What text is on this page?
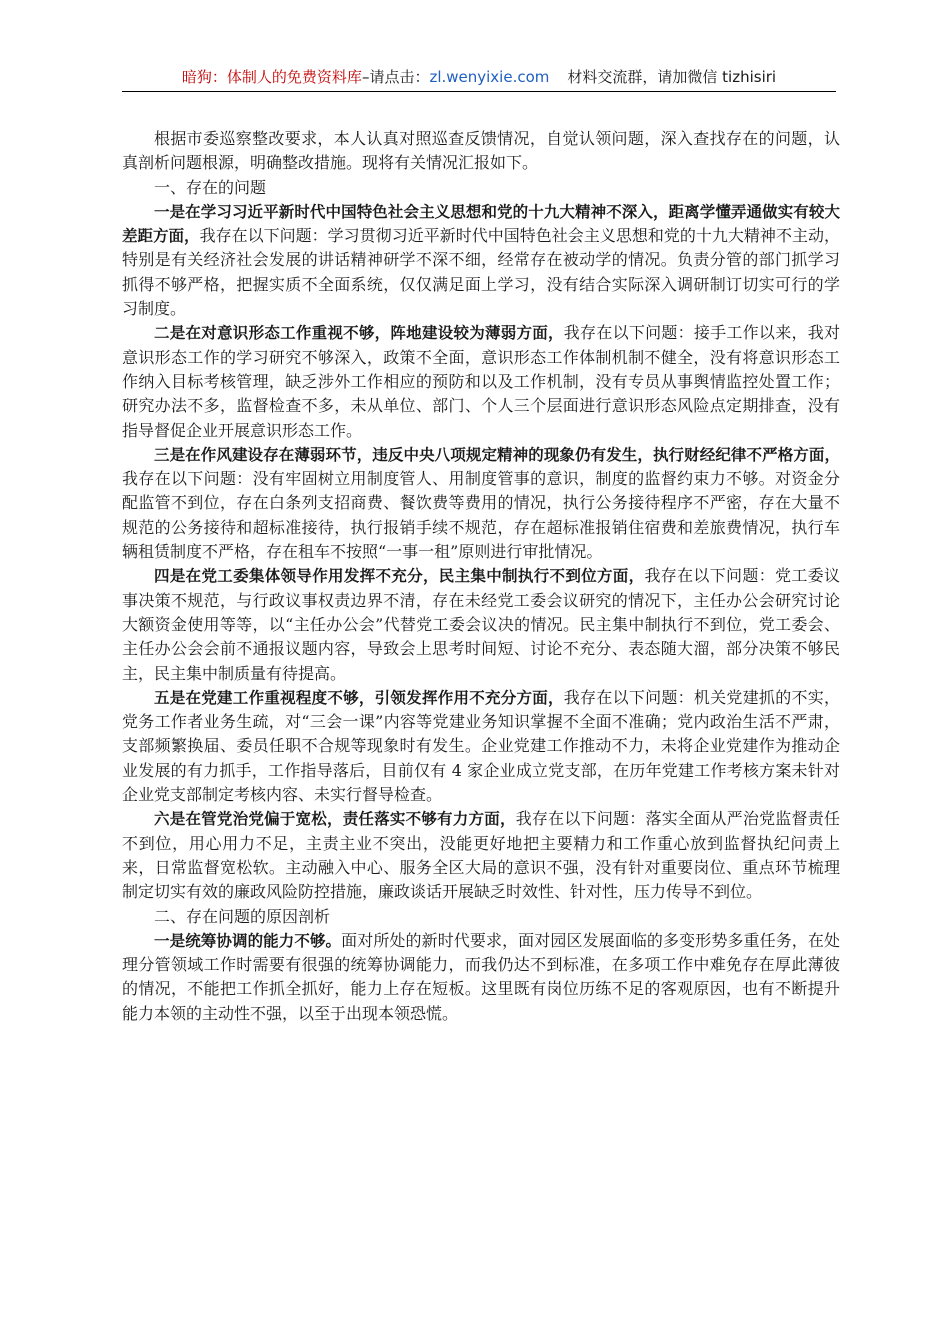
暗狗：体制人的免费资料库–请点击：zl.wenyixie.com 材料交流群，请加微信 tizhisiri

根据市委巡察整改要求，本人认真对照巡查反馈情况，自觉认领问题，深入查找存在的问题，认真剖析问题根源，明确整改措施。现将有关情况汇报如下。

一、存在的问题

一是在学习习近平新时代中国特色社会主义思想和党的十九大精神不深入，距离学懂弄通做实有较大差距方面，我存在以下问题：学习贯彻习近平新时代中国特色社会主义思想和党的十九大精神不主动，特别是有关经济社会发展的讲话精神研学不深不细，经常存在被动学的情况。负责分管的部门抓学习抓得不够严格，把握实质不全面系统，仅仅满足面上学习，没有结合实际深入调研制订切实可行的学习制度。

二是在对意识形态工作重视不够，阵地建设较为薄弱方面，我存在以下问题：接手工作以来，我对意识形态工作的学习研究不够深入，政策不全面，意识形态工作体制机制不健全，没有将意识形态工作纳入目标考核管理，缺乏涉外工作相应的预防和以及工作机制，没有专员从事舆情监控处置工作；研究办法不多，监督检查不多，未从单位、部门、个人三个层面进行意识形态风险点定期排查，没有指导督促企业开展意识形态工作。

三是在作风建设存在薄弱环节，违反中央八项规定精神的现象仍有发生，执行财经纪律不严格方面，我存在以下问题：没有牢固树立用制度管人、用制度管事的意识，制度的监督约束力不够。对资金分配监管不到位，存在白条列支招商费、餐饮费等费用的情况，执行公务接待程序不严密，存在大量不规范的公务接待和超标准接待，执行报销手续不规范，存在超标准报销住宿费和差旅费情况，执行车辆租赁制度不严格，存在租车不按照“一事一租”原则进行审批情况。

四是在党工委集体领导作用发挥不充分，民主集中制执行不到位方面，我存在以下问题：党工委议事决策不规范，与行政议事权责边界不清，存在未经党工委会议研究的情况下，主任办公会研究讨论大额资金使用等等，以“主任办公会”代替党工委会议决的情况。民主集中制执行不到位，党工委会、主任办公会会前不通报议题内容，导致会上思考时间短、讨论不充分、表态随大溜，部分决策不够民主，民主集中制质量有待提高。

五是在党建工作重视程度不够，引领发挥作用不充分方面，我存在以下问题：机关党建抓的不实，党务工作者业务生疏，对“三会一课”内容等党建业务知识掌握不全面不准确；党内政治生活不严肃，支部频繁换届、委员任职不合规等现象时有发生。企业党建工作推动不力，未将企业党建作为推动企业发展的有力抓手，工作指导落后，目前仅有 4 家企业成立党支部，在历年党建工作考核方案未针对企业党支部制定考核内容、未实行督导检查。

六是在管党治党偏于宽松，责任落实不够有力方面，我存在以下问题：落实全面从严治党监督责任不到位，用心用力不足，主责主业不突出，没能更好地把主要精力和工作重心放到监督执纪问责上来，日常监督宽松软。主动融入中心、服务全区大局的意识不强，没有针对重要岗位、重点环节梳理制定切实有效的廉政风险防控措施，廉政谈话开展缺乏时效性、针对性，压力传导不到位。

二、存在问题的原因剖析

一是统筹协调的能力不够。面对所处的新时代要求，面对园区发展面临的多变形势多重任务，在处理分管领域工作时需要有很强的统筹协调能力，而我仍达不到标准，在多项工作中难免存在厚此薄彼的情况，不能把工作抓全抓好，能力上存在短板。这里既有岗位历练不足的客观原因，也有不断提升能力本领的主动性不强，以至于出现本领恐慌。
